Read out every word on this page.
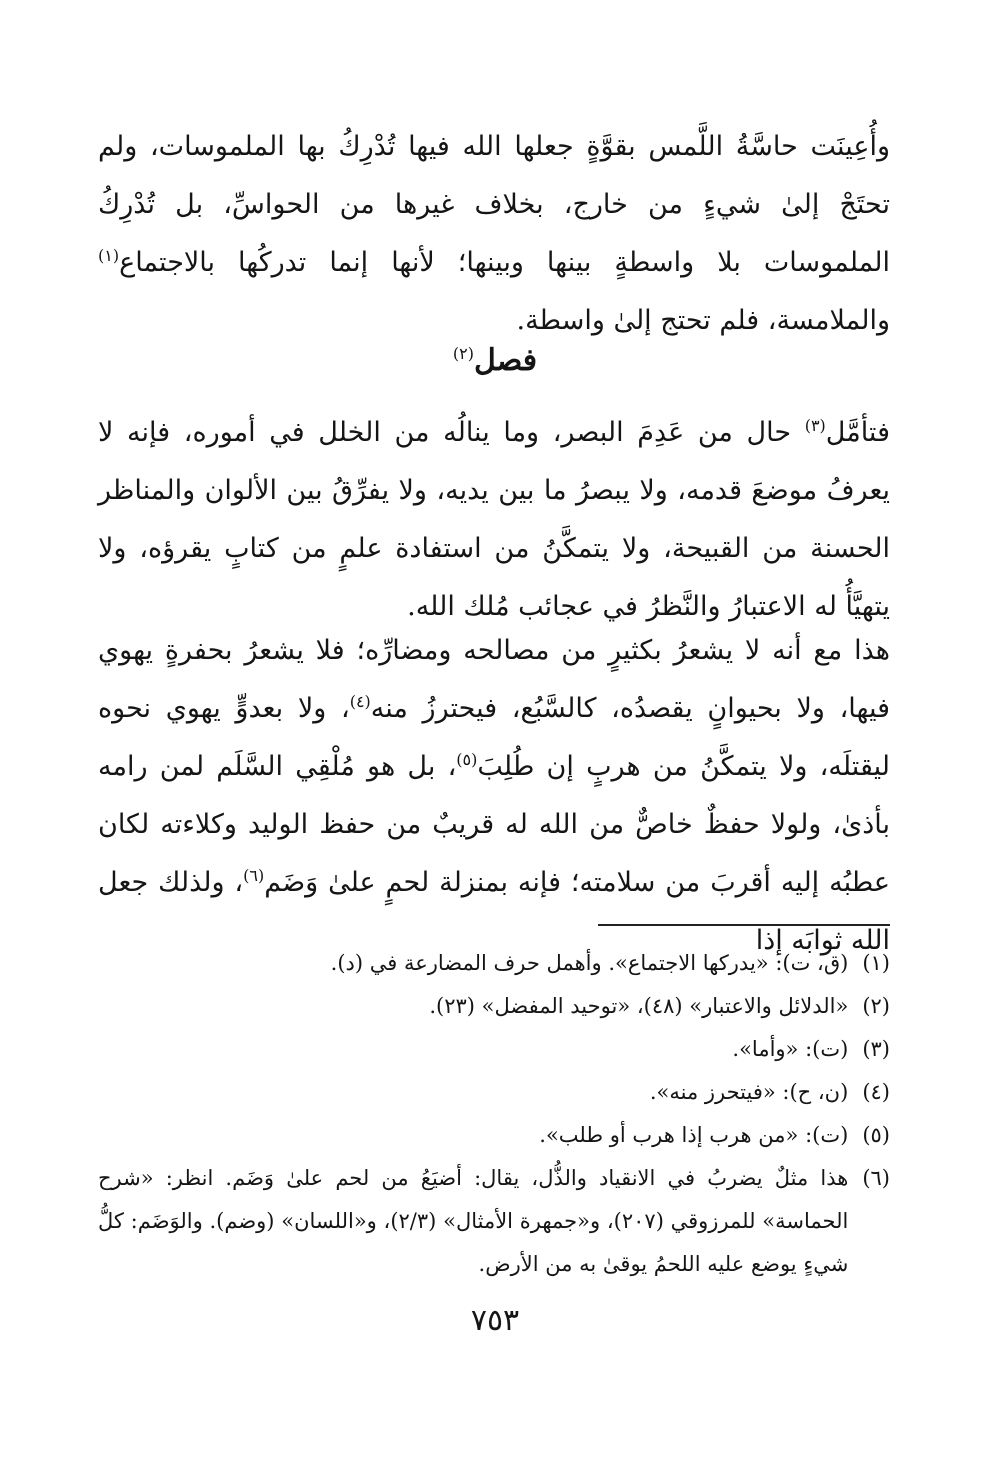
وأُعِينَت حاسَّةُ اللَّمس بقوَّةٍ جعلها الله فيها تُدْرِكُ بها الملموسات، ولم تحتَجْ إلىٰ شيءٍ من خارج، بخلاف غيرها من الحواسِّ، بل تُدْرِكُ الملموسات بلا واسطةٍ بينها وبينها؛ لأنها إنما تدركُها بالاجتماع$^{(١)}$ والملامسة، فلم تحتج إلىٰ واسطة.

فصل$^{(٢)}$

فتأمَّل$^{(٣)}$ حال من عَدِمَ البصر، وما ينالُه من الخلل في أموره، فإنه لا يعرفُ موضعَ قدمه، ولا يبصرُ ما بين يديه، ولا يفرِّقُ بين الألوان والمناظر الحسنة من القبيحة، ولا يتمكَّنُ من استفادة علمٍ من كتابٍ يقرؤه، ولا يتهيَّأُ له الاعتبارُ والنَّظرُ في عجائب مُلك الله.

هذا مع أنه لا يشعرُ بكثيرٍ من مصالحه ومضارِّه؛ فلا يشعرُ بحفرةٍ يهوي فيها، ولا بحيوانٍ يقصدُه، كالسَّبُع، فيحترزُ منه$^{(٤)}$، ولا بعدوٍّ يهوي نحوه ليقتلَه، ولا يتمكَّنُ من هربٍ إن طُلِبَ$^{(٥)}$، بل هو مُلْقِي السَّلَم لمن رامه بأذىٰ، ولولا حفظٌ خاصٌّ من الله له قريبٌ من حفظ الوليد وكلاءته لكان عطبُه إليه أقربَ من سلامته؛ فإنه بمنزلة لحمٍ علىٰ وَضَم$^{(٦)}$، ولذلك جعل الله ثوابَه إذا

(١)
(ق، ت): «يدركها الاجتماع». وأهمل حرف المضارعة في (د).
(٢)
«الدلائل والاعتبار» (٤٨)، «توحيد المفضل» (٢٣).
(٣)
(ت): «وأما».
(٤)
(ن، ح): «فيتحرز منه».
(٥)
(ت): «من هرب إذا هرب أو طلب».
(٦)
هذا مثلٌ يضربُ في الانقياد والذُّل، يقال: أضيَعُ من لحم علىٰ وَضَم. انظر: «شرح الحماسة» للمرزوقي (٢٠٧)، و«جمهرة الأمثال» (٢/٣)، و«اللسان» (وضم). والوَضَم: كلُّ شيءٍ يوضع عليه اللحمُ يوقىٰ به من الأرض.
٧٥٣
